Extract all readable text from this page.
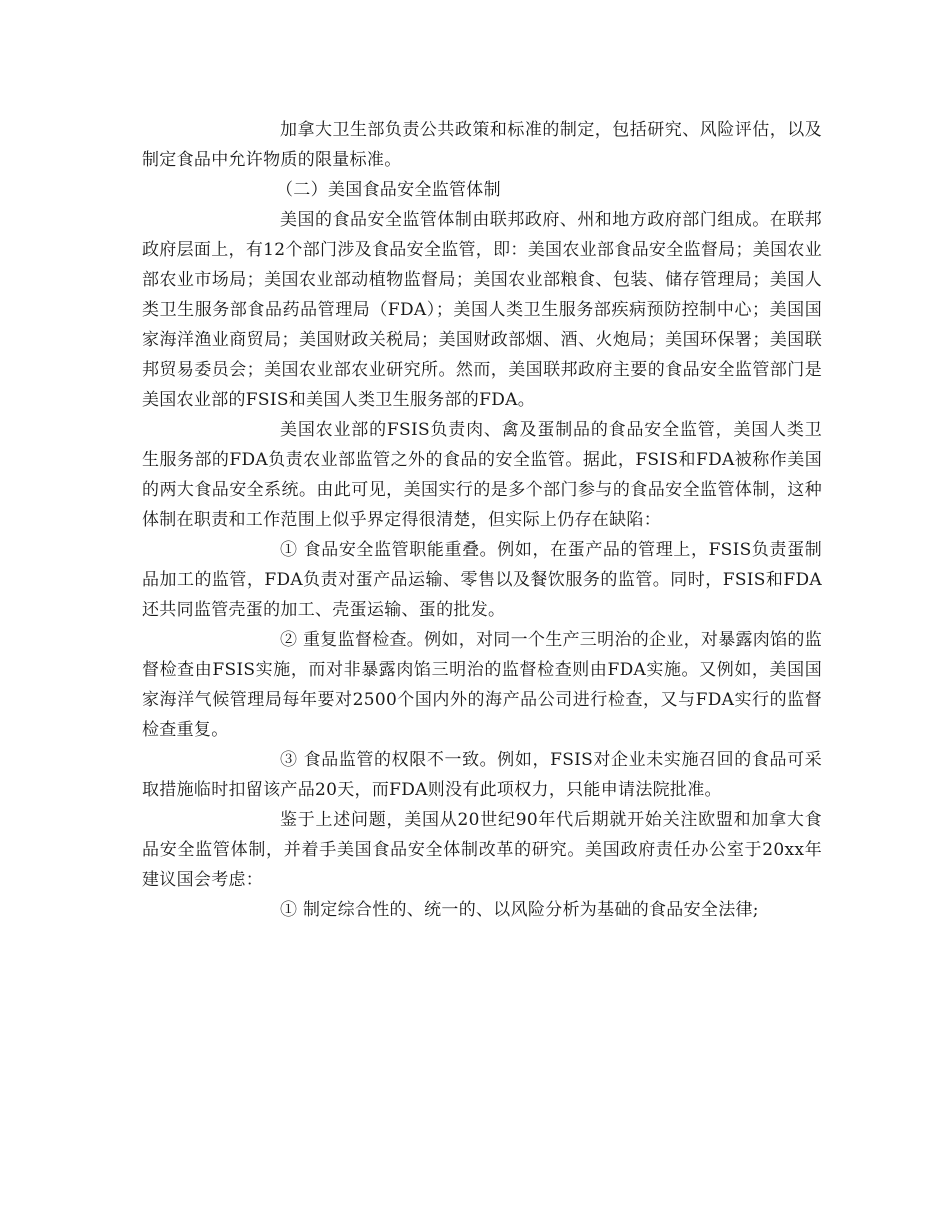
加拿大卫生部负责公共政策和标准的制定，包括研究、风险评估，以及制定食品中允许物质的限量标准。

（二）美国食品安全监管体制

美国的食品安全监管体制由联邦政府、州和地方政府部门组成。在联邦政府层面上，有12个部门涉及食品安全监管，即：美国农业部食品安全监督局；美国农业部农业市场局；美国农业部动植物监督局；美国农业部粮食、包装、储存管理局；美国人类卫生服务部食品药品管理局（FDA）；美国人类卫生服务部疾病预防控制中心；美国国家海洋渔业商贸局；美国财政关税局；美国财政部烟、酒、火炮局；美国环保署；美国联邦贸易委员会；美国农业部农业研究所。然而，美国联邦政府主要的食品安全监管部门是美国农业部的FSIS和美国人类卫生服务部的FDA。

美国农业部的FSIS负责肉、禽及蛋制品的食品安全监管，美国人类卫生服务部的FDA负责农业部监管之外的食品的安全监管。据此，FSIS和FDA被称作美国的两大食品安全系统。由此可见，美国实行的是多个部门参与的食品安全监管体制，这种体制在职责和工作范围上似乎界定得很清楚，但实际上仍存在缺陷：

① 食品安全监管职能重叠。例如，在蛋产品的管理上，FSIS负责蛋制品加工的监管，FDA负责对蛋产品运输、零售以及餐饮服务的监管。同时，FSIS和FDA还共同监管壳蛋的加工、壳蛋运输、蛋的批发。

② 重复监督检查。例如，对同一个生产三明治的企业，对暴露肉馅的监督检查由FSIS实施，而对非暴露肉馅三明治的监督检查则由FDA实施。又例如，美国国家海洋气候管理局每年要对2500个国内外的海产品公司进行检查，又与FDA实行的监督检查重复。

③ 食品监管的权限不一致。例如，FSIS对企业未实施召回的食品可采取措施临时扣留该产品20天，而FDA则没有此项权力，只能申请法院批准。

鉴于上述问题，美国从20世纪90年代后期就开始关注欧盟和加拿大食品安全监管体制，并着手美国食品安全体制改革的研究。美国政府责任办公室于20xx年建议国会考虑：

① 制定综合性的、统一的、以风险分析为基础的食品安全法律;
